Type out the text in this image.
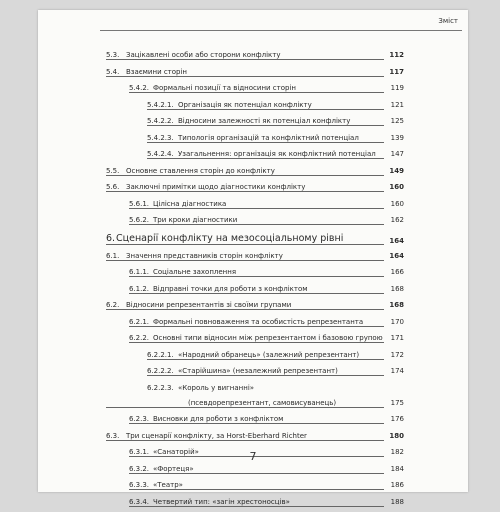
Зміст
5.3. Зацікавлені особи або сторони конфлікту	112
5.4. Взаємини сторін	117
5.4.2. Формальні позиції та відносини сторін	119
5.4.2.1. Організація як потенціал конфлікту	121
5.4.2.2. Відносини залежності як потенціал конфлікту	125
5.4.2.3. Типологія організацій та конфліктний потенціал	139
5.4.2.4. Узагальнення: організація як конфліктний потенціал	147
5.5. Основне ставлення сторін до конфлікту	149
5.6. Заключні примітки щодо діагностики конфлікту	160
5.6.1. Цілісна діагностика	160
5.6.2. Три кроки діагностики	162
6. Сценарії конфлікту на мезосоціальному рівні	164
6.1. Значення представників сторін конфлікту	164
6.1.1. Соціальне захоплення	166
6.1.2. Відправні точки для роботи з конфліктом	168
6.2. Відносини репрезентантів зі своїми групами	168
6.2.1. Формальні повноваження та особистість репрезентанта	170
6.2.2. Основні типи відносин між репрезентантом і базовою групою	171
6.2.2.1. «Народний обранець» (залежний репрезентант)	172
6.2.2.2. «Старійшина» (незалежний репрезентант)	174
6.2.2.3. «Король у вигнанні»
(псевдорепрезентант, самовисуванець)	175
6.2.3. Висновки для роботи з конфліктом	176
6.3. Три сценарії конфлікту, за Horst-Eberhard Richter	180
6.3.1. «Санаторій»	182
6.3.2. «Фортеця»	184
6.3.3. «Театр»	186
6.3.4. Четвертий тип: «загін хрестоносців»	188
7
